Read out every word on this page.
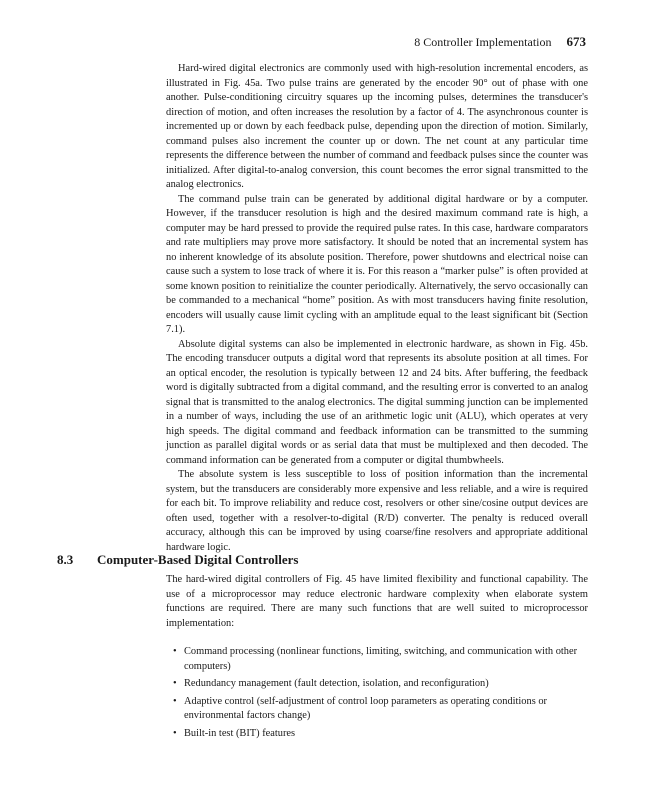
8 Controller Implementation 673

Hard-wired digital electronics are commonly used with high-resolution incremental encoders, as illustrated in Fig. 45a. Two pulse trains are generated by the encoder 90° out of phase with one another. Pulse-conditioning circuitry squares up the incoming pulses, determines the transducer's direction of motion, and often increases the resolution by a factor of 4. The asynchronous counter is incremented up or down by each feedback pulse, depending upon the direction of motion. Similarly, command pulses also increment the counter up or down. The net count at any particular time represents the difference between the number of command and feedback pulses since the counter was initialized. After digital-to-analog conversion, this count becomes the error signal transmitted to the analog electronics.

The command pulse train can be generated by additional digital hardware or by a computer. However, if the transducer resolution is high and the desired maximum command rate is high, a computer may be hard pressed to provide the required pulse rates. In this case, hardware comparators and rate multipliers may prove more satisfactory. It should be noted that an incremental system has no inherent knowledge of its absolute position. Therefore, power shutdowns and electrical noise can cause such a system to lose track of where it is. For this reason a “marker pulse” is often provided at some known position to reinitialize the counter periodically. Alternatively, the servo occasionally can be commanded to a mechanical “home” position. As with most transducers having finite resolution, encoders will usually cause limit cycling with an amplitude equal to the least significant bit (Section 7.1).

Absolute digital systems can also be implemented in electronic hardware, as shown in Fig. 45b. The encoding transducer outputs a digital word that represents its absolute position at all times. For an optical encoder, the resolution is typically between 12 and 24 bits. After buffering, the feedback word is digitally subtracted from a digital command, and the resulting error is converted to an analog signal that is transmitted to the analog electronics. The digital summing junction can be implemented in a number of ways, including the use of an arithmetic logic unit (ALU), which operates at very high speeds. The digital command and feedback information can be transmitted to the summing junction as parallel digital words or as serial data that must be multiplexed and then decoded. The command information can be generated from a computer or digital thumbwheels.

The absolute system is less susceptible to loss of position information than the incremental system, but the transducers are considerably more expensive and less reliable, and a wire is required for each bit. To improve reliability and reduce cost, resolvers or other sine/cosine output devices are often used, together with a resolver-to-digital (R/D) converter. The penalty is reduced overall accuracy, although this can be improved by using coarse/fine resolvers and appropriate additional hardware logic.

8.3 Computer-Based Digital Controllers

The hard-wired digital controllers of Fig. 45 have limited flexibility and functional capability. The use of a microprocessor may reduce electronic hardware complexity when elaborate system functions are required. There are many such functions that are well suited to microprocessor implementation:

• Command processing (nonlinear functions, limiting, switching, and communication with other computers)
• Redundancy management (fault detection, isolation, and reconfiguration)
• Adaptive control (self-adjustment of control loop parameters as operating conditions or environmental factors change)
• Built-in test (BIT) features
